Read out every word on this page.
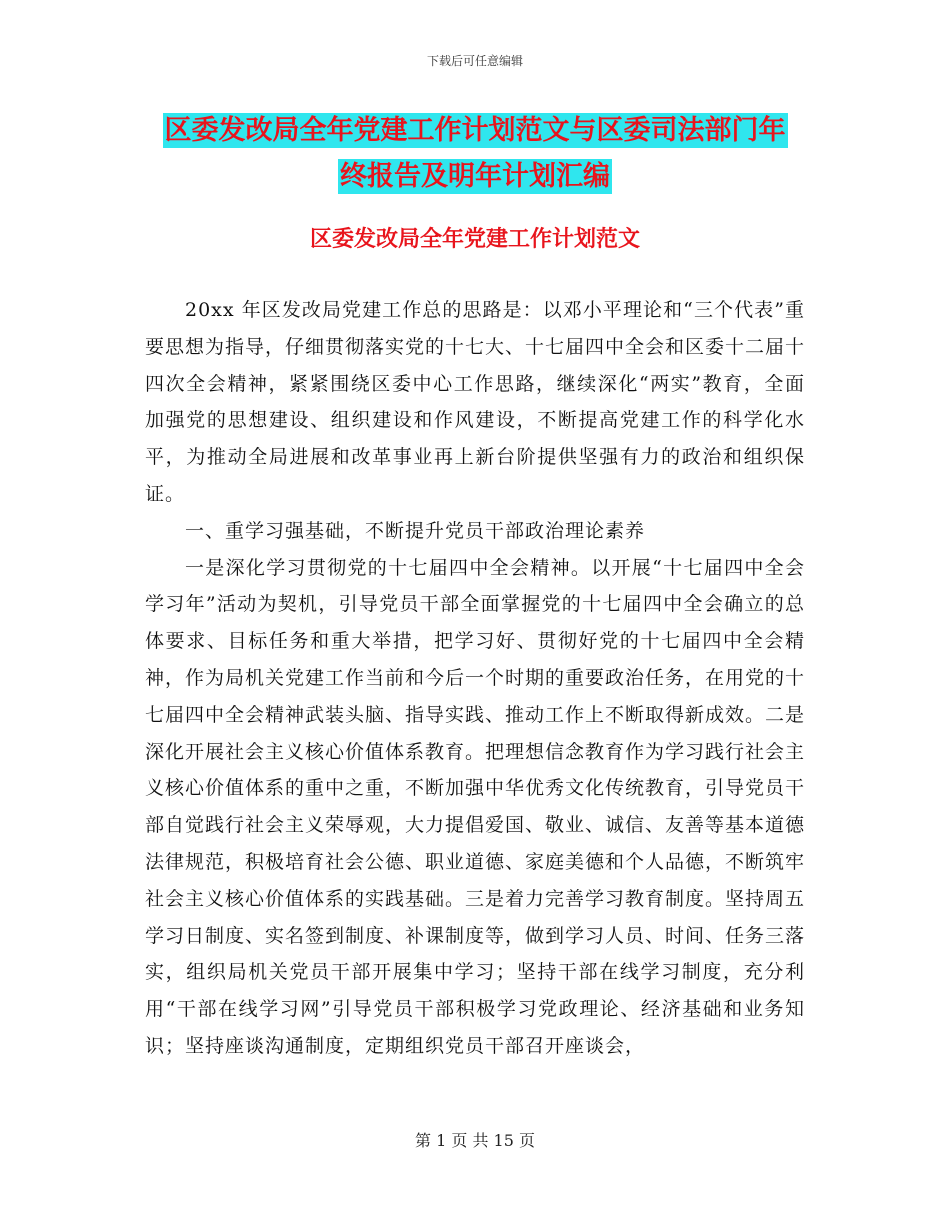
下载后可任意编辑
区委发改局全年党建工作计划范文与区委司法部门年
终报告及明年计划汇编
区委发改局全年党建工作计划范文

20xx 年区发改局党建工作总的思路是：以邓小平理论和“三个代表”重要思想为指导，仔细贯彻落实党的十七大、十七届四中全会和区委十二届十四次全会精神，紧紧围绕区委中心工作思路，继续深化“两实”教育，全面加强党的思想建设、组织建设和作风建设，不断提高党建工作的科学化水平，为推动全局进展和改革事业再上新台阶提供坚强有力的政治和组织保证。

一、重学习强基础，不断提升党员干部政治理论素养

一是深化学习贯彻党的十七届四中全会精神。以开展“十七届四中全会学习年”活动为契机，引导党员干部全面掌握党的十七届四中全会确立的总体要求、目标任务和重大举措，把学习好、贯彻好党的十七届四中全会精神，作为局机关党建工作当前和今后一个时期的重要政治任务，在用党的十七届四中全会精神武装头脑、指导实践、推动工作上不断取得新成效。二是深化开展社会主义核心价值体系教育。把理想信念教育作为学习践行社会主义核心价值体系的重中之重，不断加强中华优秀文化传统教育，引导党员干部自觉践行社会主义荣辱观，大力提倡爱国、敬业、诚信、友善等基本道德法律规范，积极培育社会公德、职业道德、家庭美德和个人品德，不断筑牢社会主义核心价值体系的实践基础。三是着力完善学习教育制度。坚持周五学习日制度、实名签到制度、补课制度等，做到学习人员、时间、任务三落实，组织局机关党员干部开展集中学习；坚持干部在线学习制度，充分利用“干部在线学习网”引导党员干部积极学习党政理论、经济基础和业务知识；坚持座谈沟通制度，定期组织党员干部召开座谈会，

第 1 页 共 15 页
